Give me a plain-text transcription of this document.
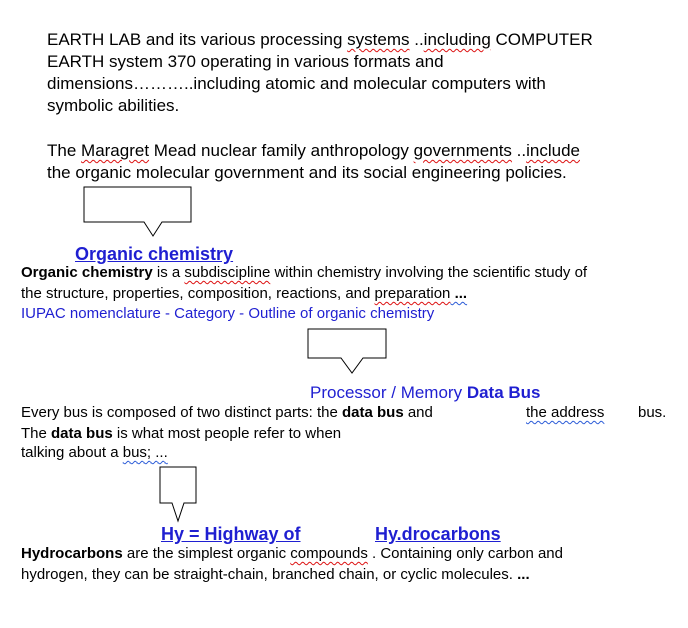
EARTH LAB and its various processing systems ..including COMPUTER
EARTH system 370 operating in various formats and
dimensions………..including atomic and molecular computers with
symbolic abilities.
The Maragret Mead nuclear family anthropology governments ..include
the organic molecular government and its social engineering policies.
Organic chemistry
Organic chemistry is a subdiscipline within chemistry involving the scientific study of
the structure, properties, composition, reactions, and preparation ...
IUPAC nomenclature - Category - Outline of organic chemistry
Processor / Memory Data Bus
Every bus is composed of two distinct parts: the data bus and	the address bus.
The data bus is what most people refer to when
talking about a bus; ...
Hy = Highway of	Hy.drocarbons
Hydrocarbons are the simplest organic compounds . Containing only carbon and
hydrogen, they can be straight-chain, branched chain, or cyclic molecules. ...
